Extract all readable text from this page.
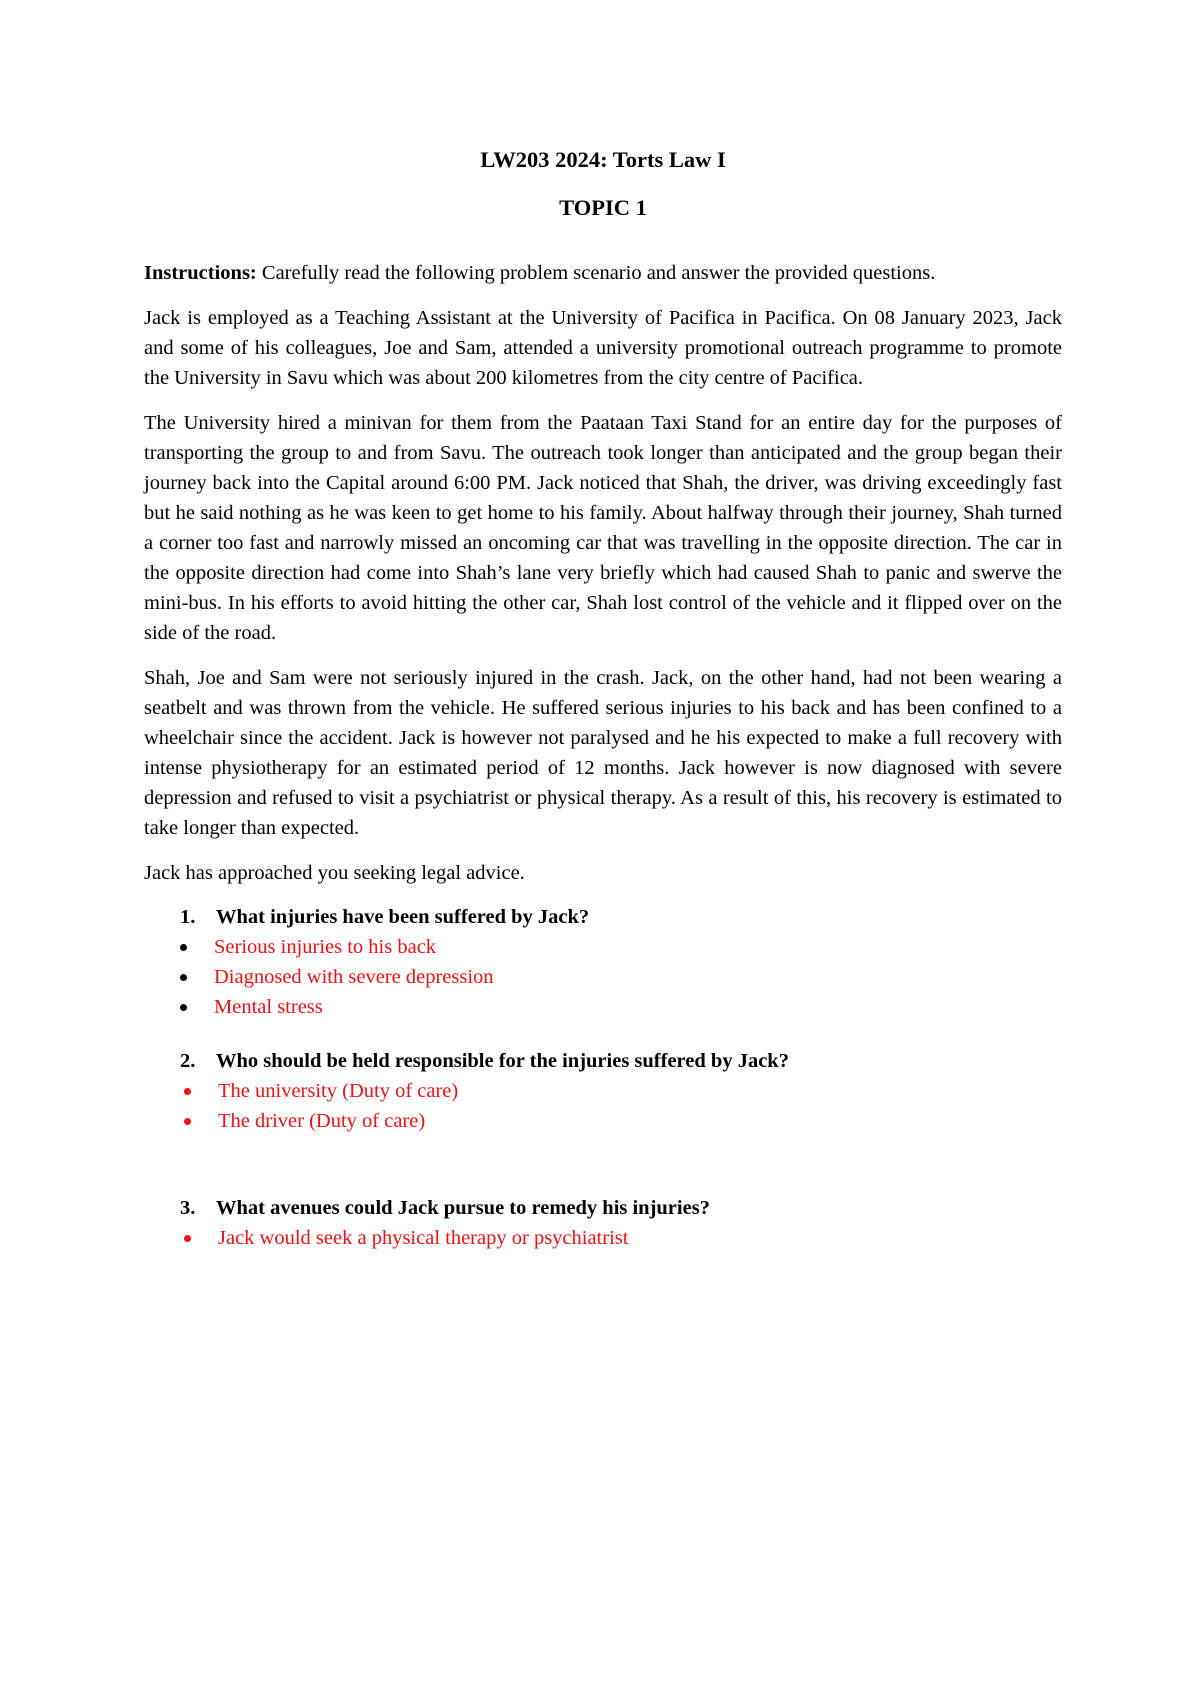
LW203 2024: Torts Law I
TOPIC 1

Instructions: Carefully read the following problem scenario and answer the provided questions.

Jack is employed as a Teaching Assistant at the University of Pacifica in Pacifica. On 08 January 2023, Jack and some of his colleagues, Joe and Sam, attended a university promotional outreach programme to promote the University in Savu which was about 200 kilometres from the city centre of Pacifica.

The University hired a minivan for them from the Paataan Taxi Stand for an entire day for the purposes of transporting the group to and from Savu. The outreach took longer than anticipated and the group began their journey back into the Capital around 6:00 PM. Jack noticed that Shah, the driver, was driving exceedingly fast but he said nothing as he was keen to get home to his family. About halfway through their journey, Shah turned a corner too fast and narrowly missed an oncoming car that was travelling in the opposite direction. The car in the opposite direction had come into Shah’s lane very briefly which had caused Shah to panic and swerve the mini-bus. In his efforts to avoid hitting the other car, Shah lost control of the vehicle and it flipped over on the side of the road.

Shah, Joe and Sam were not seriously injured in the crash. Jack, on the other hand, had not been wearing a seatbelt and was thrown from the vehicle. He suffered serious injuries to his back and has been confined to a wheelchair since the accident. Jack is however not paralysed and he his expected to make a full recovery with intense physiotherapy for an estimated period of 12 months. Jack however is now diagnosed with severe depression and refused to visit a psychiatrist or physical therapy. As a result of this, his recovery is estimated to take longer than expected.

Jack has approached you seeking legal advice.

1.	What injuries have been suffered by Jack?
Serious injuries to his back
Diagnosed with severe depression
Mental stress
2.	Who should be held responsible for the injuries suffered by Jack?
The university (Duty of care)
The driver (Duty of care)
3.	What avenues could Jack pursue to remedy his injuries?
Jack would seek a physical therapy or psychiatrist
